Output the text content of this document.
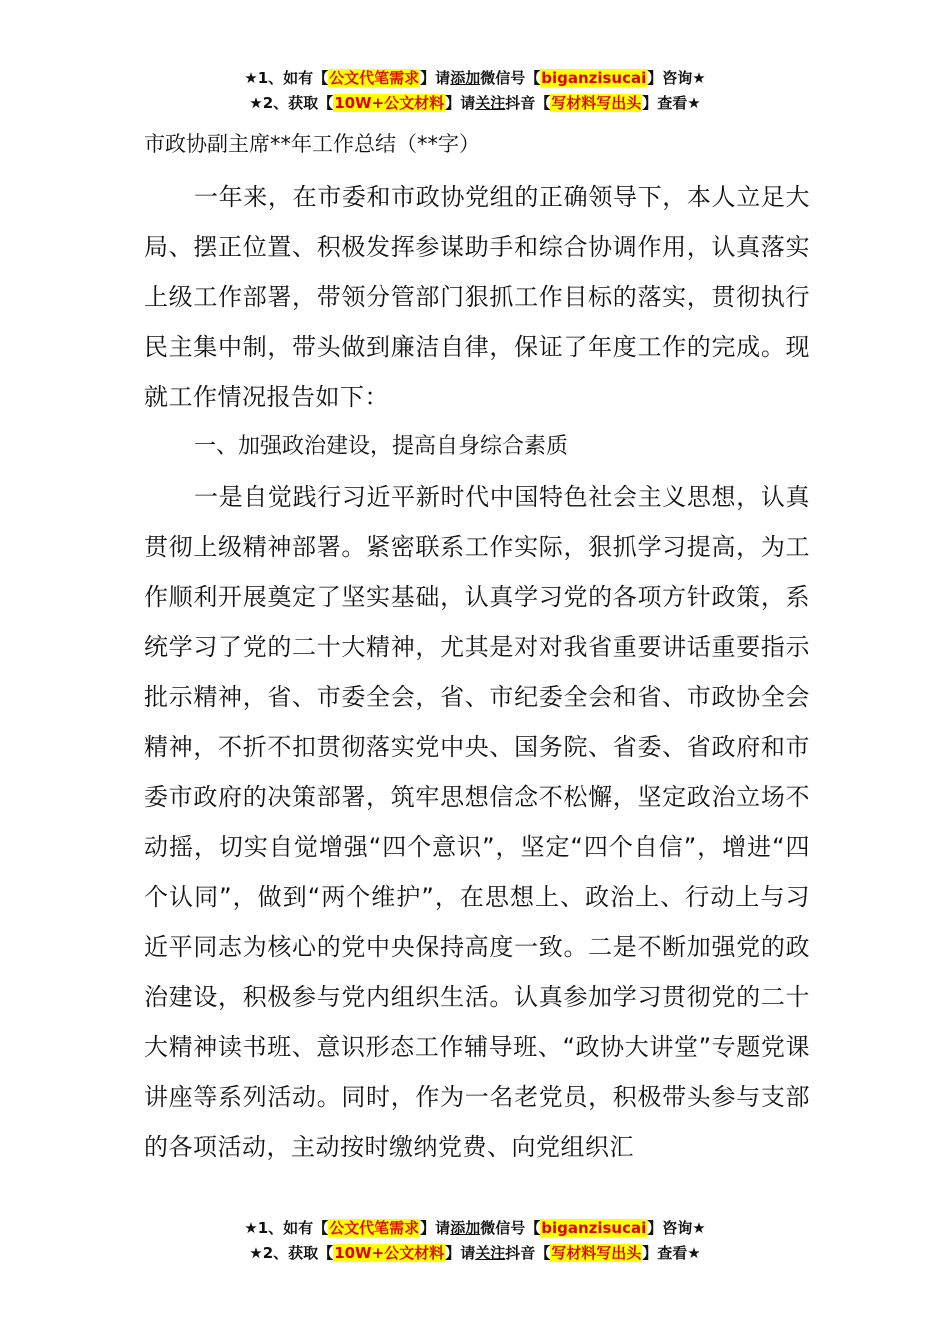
★1、如有【公文代笔需求】请添加微信号【biganzisucai】咨询★
★2、获取【10W+公文材料】请关注抖音【写材料写出头】查看★

市政协副主席**年工作总结（**字）

一年来，在市委和市政协党组的正确领导下，本人立足大局、摆正位置、积极发挥参谋助手和综合协调作用，认真落实上级工作部署，带领分管部门狠抓工作目标的落实，贯彻执行民主集中制，带头做到廉洁自律，保证了年度工作的完成。现就工作情况报告如下：

一、加强政治建设，提高自身综合素质

一是自觉践行习近平新时代中国特色社会主义思想，认真贯彻上级精神部署。紧密联系工作实际，狠抓学习提高，为工作顺利开展奠定了坚实基础，认真学习党的各项方针政策，系统学习了党的二十大精神，尤其是对对我省重要讲话重要指示批示精神，省、市委全会，省、市纪委全会和省、市政协全会精神，不折不扣贯彻落实党中央、国务院、省委、省政府和市委市政府的决策部署，筑牢思想信念不松懈，坚定政治立场不动摇，切实自觉增强“四个意识”，坚定“四个自信”，增进“四个认同”，做到“两个维护”，在思想上、政治上、行动上与习近平同志为核心的党中央保持高度一致。二是不断加强党的政治建设，积极参与党内组织生活。认真参加学习贯彻党的二十大精神读书班、意识形态工作辅导班、“政协大讲堂”专题党课讲座等系列活动。同时，作为一名老党员，积极带头参与支部的各项活动，主动按时缴纳党费、向党组织汇

★1、如有【公文代笔需求】请添加微信号【biganzisucai】咨询★
★2、获取【10W+公文材料】请关注抖音【写材料写出头】查看★
